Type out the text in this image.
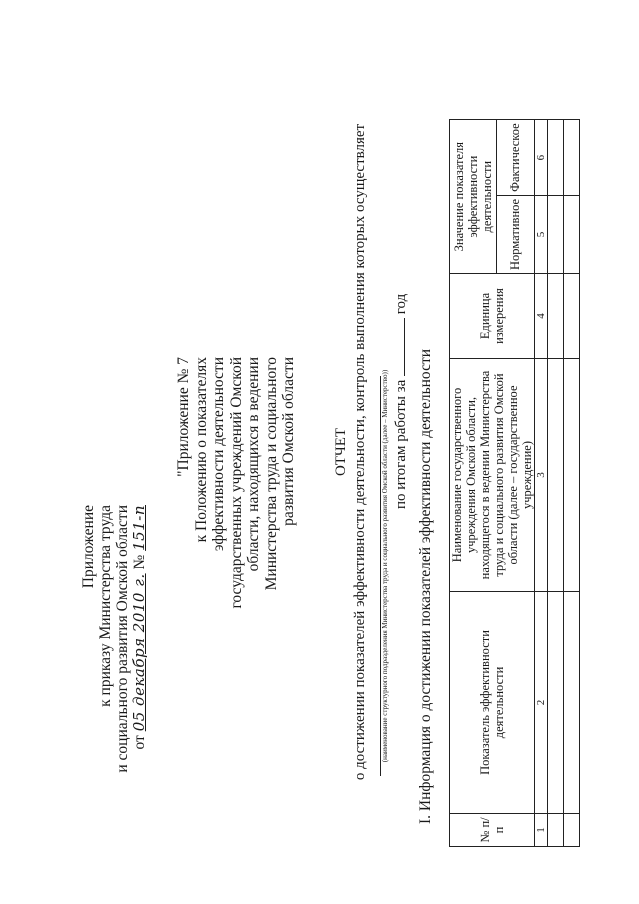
Приложение к приказу Министерства труда и социального развития Омской области от 05 декабря 2010 г. № 151-п
"Приложение № 7 к Положению о показателях эффективности деятельности государственных учреждений Омской области, находящихся в ведении Министерства труда и социального развития Омской области ОТЧЕТ о достижении показателей эффективности деятельности, контроль выполнения которых осуществляет (наименование структурного подразделения Министерства труда и социального развития Омской области (далее – Министерство)) по итогам работы за  год
I. Информация о достижении показателей эффективности деятельности
№ п/п	Показатель эффективности деятельности	Наименование государственного учреждения Омской области, находящегося в ведении Министерства труда и социального развития Омской области (далее – государственное учреждение)	Единица измерения	Значение показателя эффективности деятельности	
				Нормативное	Фактическое
1	2	3	4	5	6
